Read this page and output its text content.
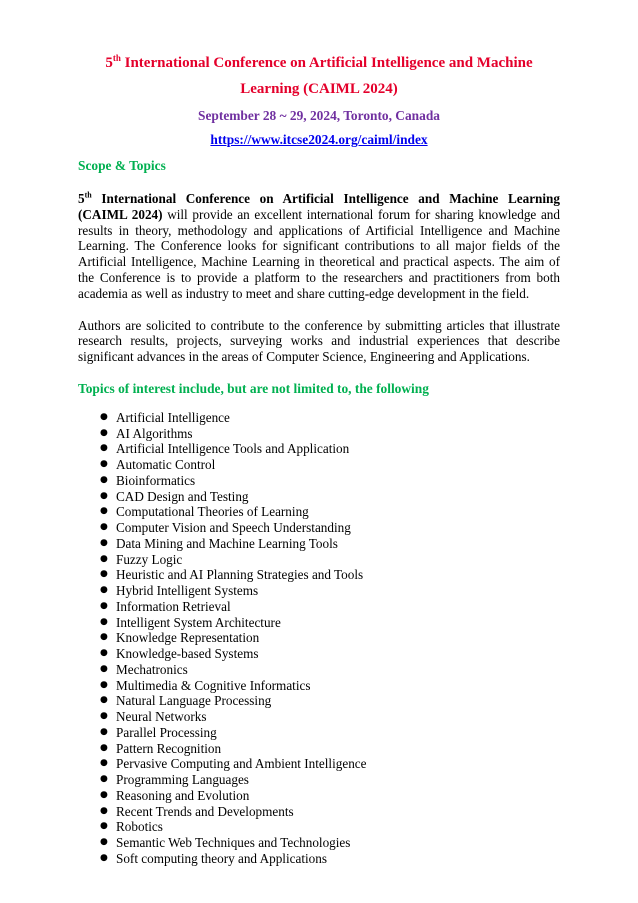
5th International Conference on Artificial Intelligence and Machine
Learning (CAIML 2024)
September 28 ~ 29, 2024, Toronto, Canada
https://www.itcse2024.org/caiml/index
Scope & Topics

5th International Conference on Artificial Intelligence and Machine Learning (CAIML 2024) will provide an excellent international forum for sharing knowledge and results in theory, methodology and applications of Artificial Intelligence and Machine Learning. The Conference looks for significant contributions to all major fields of the Artificial Intelligence, Machine Learning in theoretical and practical aspects. The aim of the Conference is to provide a platform to the researchers and practitioners from both academia as well as industry to meet and share cutting-edge development in the field.

Authors are solicited to contribute to the conference by submitting articles that illustrate research results, projects, surveying works and industrial experiences that describe significant advances in the areas of Computer Science, Engineering and Applications.

Topics of interest include, but are not limited to, the following
● Artificial Intelligence
● AI Algorithms
● Artificial Intelligence Tools and Application
● Automatic Control
● Bioinformatics
● CAD Design and Testing
● Computational Theories of Learning
● Computer Vision and Speech Understanding
● Data Mining and Machine Learning Tools
● Fuzzy Logic
● Heuristic and AI Planning Strategies and Tools
● Hybrid Intelligent Systems
● Information Retrieval
● Intelligent System Architecture
● Knowledge Representation
● Knowledge-based Systems
● Mechatronics
● Multimedia & Cognitive Informatics
● Natural Language Processing
● Neural Networks
● Parallel Processing
● Pattern Recognition
● Pervasive Computing and Ambient Intelligence
● Programming Languages
● Reasoning and Evolution
● Recent Trends and Developments
● Robotics
● Semantic Web Techniques and Technologies
● Soft computing theory and Applications
